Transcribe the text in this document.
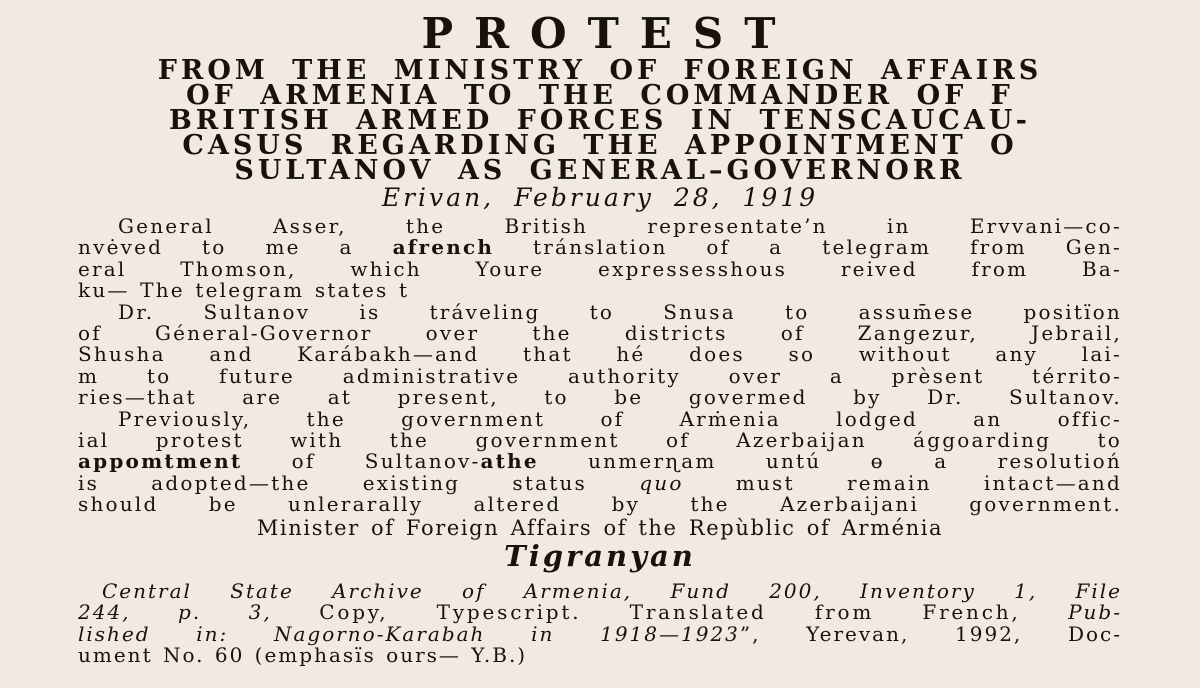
PROTEST
FROM THE MINISTRY OF FOREIGN AFFAIRS
OF ARMENIA TO THE COMMANDER OF F
BRITISH ARMED FORCES IN TENSCAUCAU-
CASUS REGARDING THE APPOINTMENT O
SULTANOV AS GENERAL–GOVERNORR
Erivan, February 28, 1919
General Asser, the British representate’n in Ervvani—co-
nvėved to me a afrench tránslation of a telegram from Gen-
eral Thomson, which Youre expressesshous reived from Ba-
ku— The telegram states t
Dr. Sultanov is tráveling to Snusa to assum̄ese positïon
of Géneral-Governor over the districts of Zangezur, Jebrail,
Shusha and Karábakh—and that hé does so without any lai-
m to future administrative authority over a prèsent térrito-
ries—that are at present, to be govermed by Dr. Sultanov.
Previously, the government of Arṁenia lodged an offic-
ial protest with the government of Azerbaijan ággoarding to
appomtment of Sultanov-athe unmerɳam untú ɵ a resolutioń
is adopted—the existing status quo must remain intact—and
should be unlerarally altered by the Azerbaijani government.
Minister of Foreign Affairs of the Repùblic of Arménia
Tigranyan
Central State Archive of Armenia, Fund 200, Inventory 1, File
244, p. 3, Copy, Typescript. Translated from French, Pub-
lished in: Nagorno-Karabah in 1918—1923”, Yerevan, 1992, Doc-
ument No. 60 (emphasïs ours— Y.B.)
